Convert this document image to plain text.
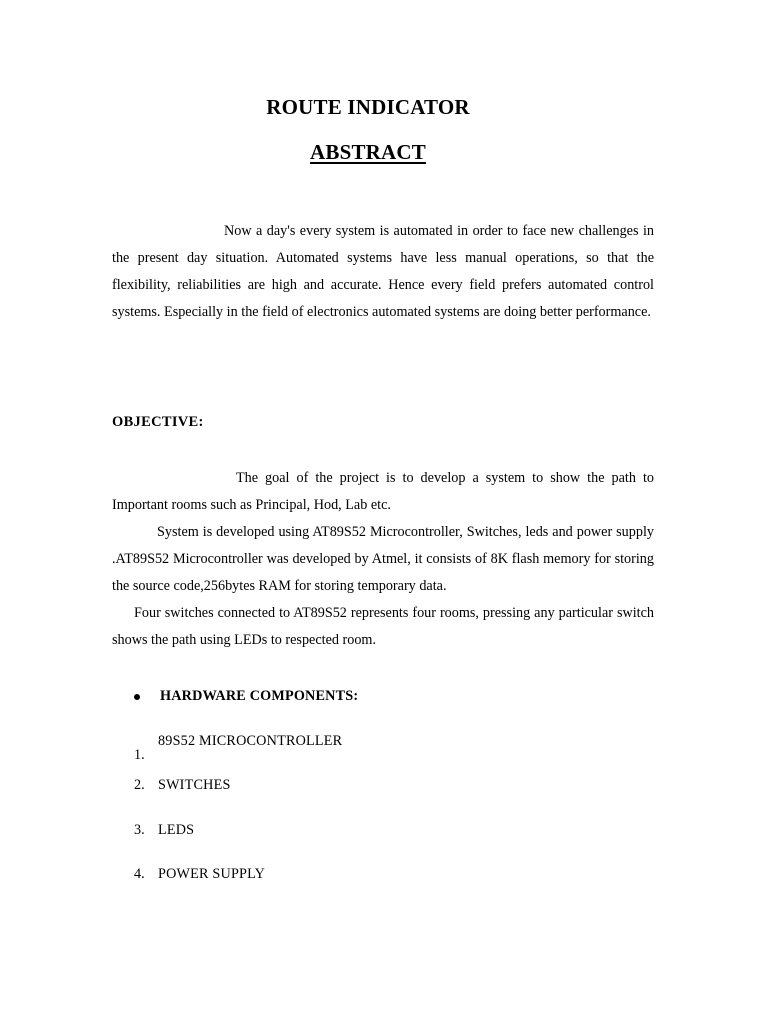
ROUTE INDICATOR
ABSTRACT

Now a day's every system is automated in order to face new challenges in the present day situation. Automated systems have less manual operations, so that the flexibility, reliabilities are high and accurate. Hence every field prefers automated control systems. Especially in the field of electronics automated systems are doing better performance.

OBJECTIVE:

The goal of the project is to develop a system to show the path to Important rooms such as Principal, Hod, Lab etc.

System is developed using AT89S52 Microcontroller, Switches, leds and power supply .AT89S52 Microcontroller was developed by Atmel, it consists of 8K flash memory for storing the source code,256bytes RAM for storing temporary data.

Four switches connected to AT89S52 represents four rooms, pressing any particular switch shows the path using LEDs to respected room.

HARDWARE COMPONENTS:
1.
89S52 MICROCONTROLLER
2. SWITCHES
3. LEDS
4. POWER SUPPLY
